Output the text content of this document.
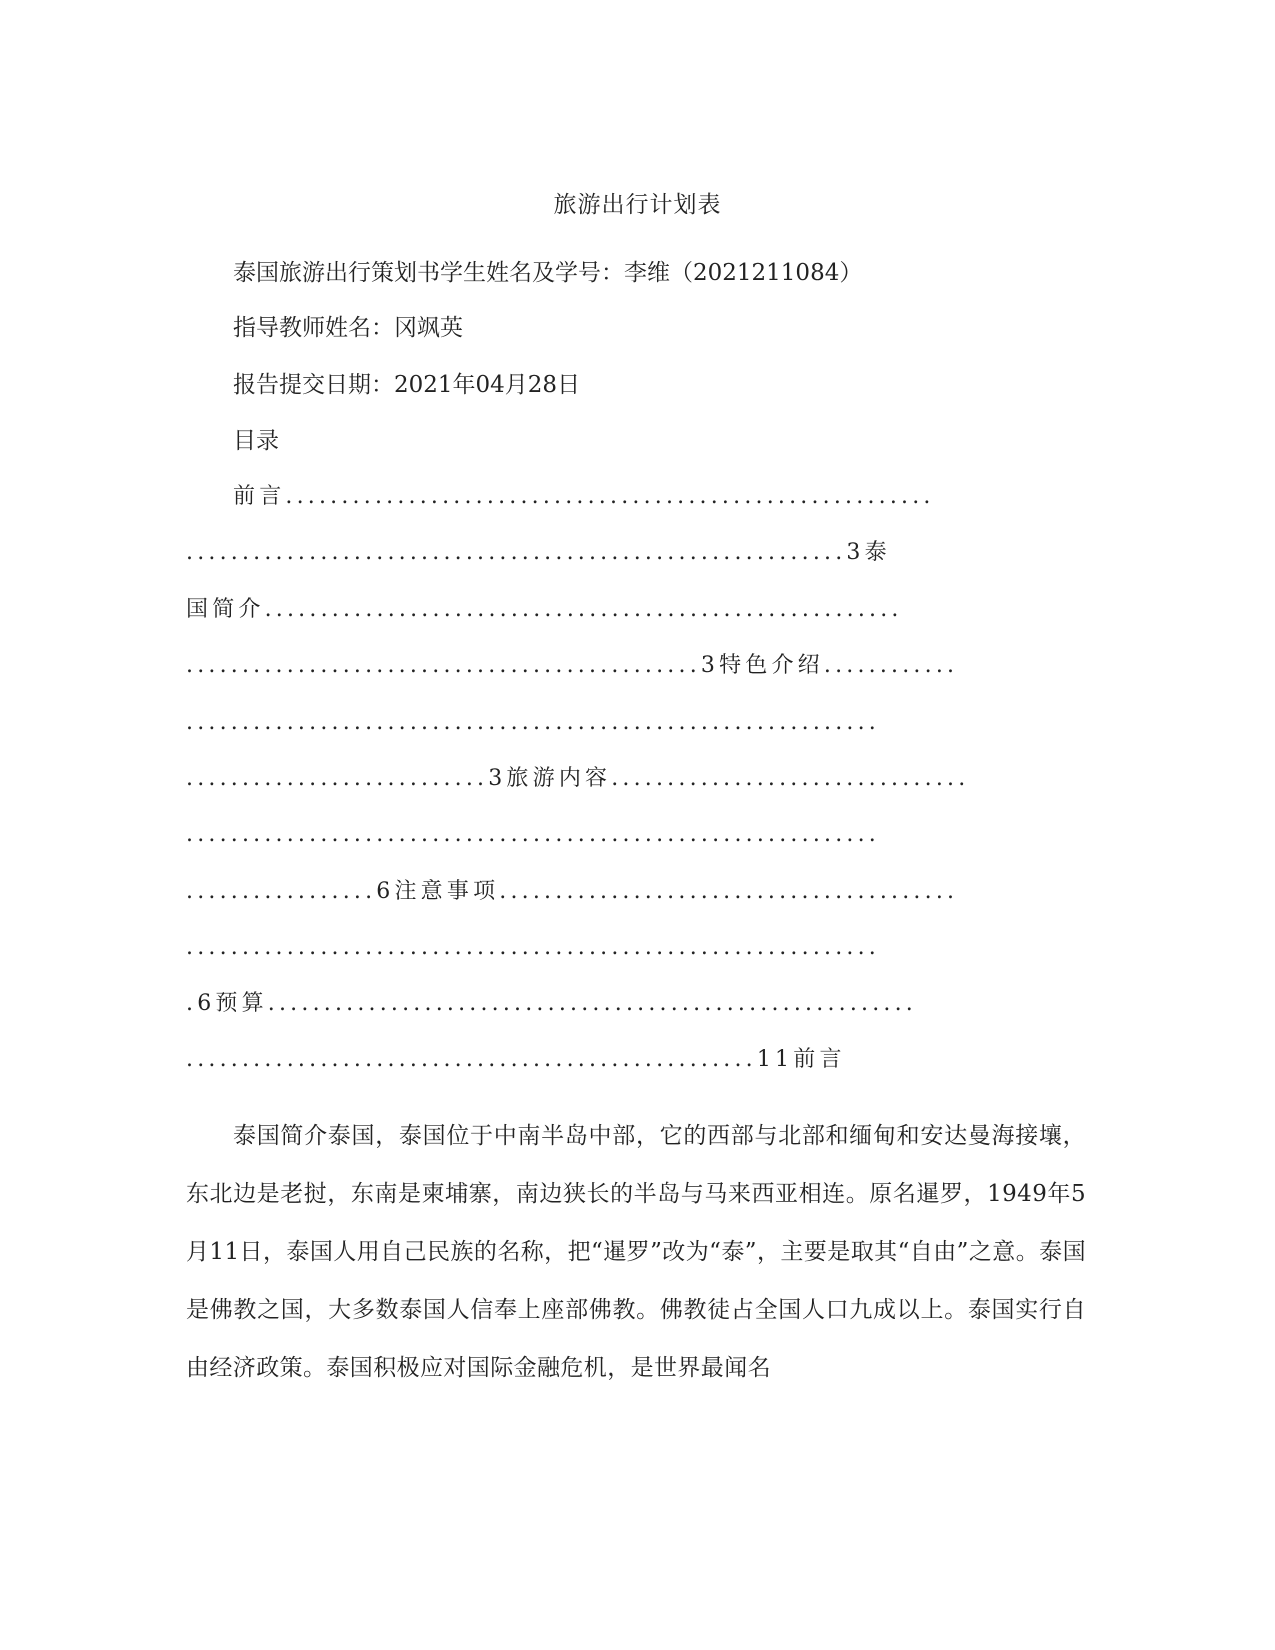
旅游出行计划表
泰国旅游出行策划书学生姓名及学号：李维（2021211084）
指导教师姓名：冈飒英
报告提交日期：2021年04月28日
目录
前言..........................................................
...........................................................3泰
国简介.........................................................
..............................................3特色介绍............
..............................................................
...........................3旅游内容................................
..............................................................
.................6注意事项.........................................
..............................................................
.6预算..........................................................
...................................................11前言
泰国简介泰国，泰国位于中南半岛中部，它的西部与北部和缅甸和安达曼海接壤，东北边是老挝，东南是柬埔寨，南边狭长的半岛与马来西亚相连。原名暹罗，1949年5月11日，泰国人用自己民族的名称，把“暹罗”改为“泰”，主要是取其“自由”之意。泰国是佛教之国，大多数泰国人信奉上座部佛教。佛教徒占全国人口九成以上。泰国实行自由经济政策。泰国积极应对国际金融危机，是世界最闻名
